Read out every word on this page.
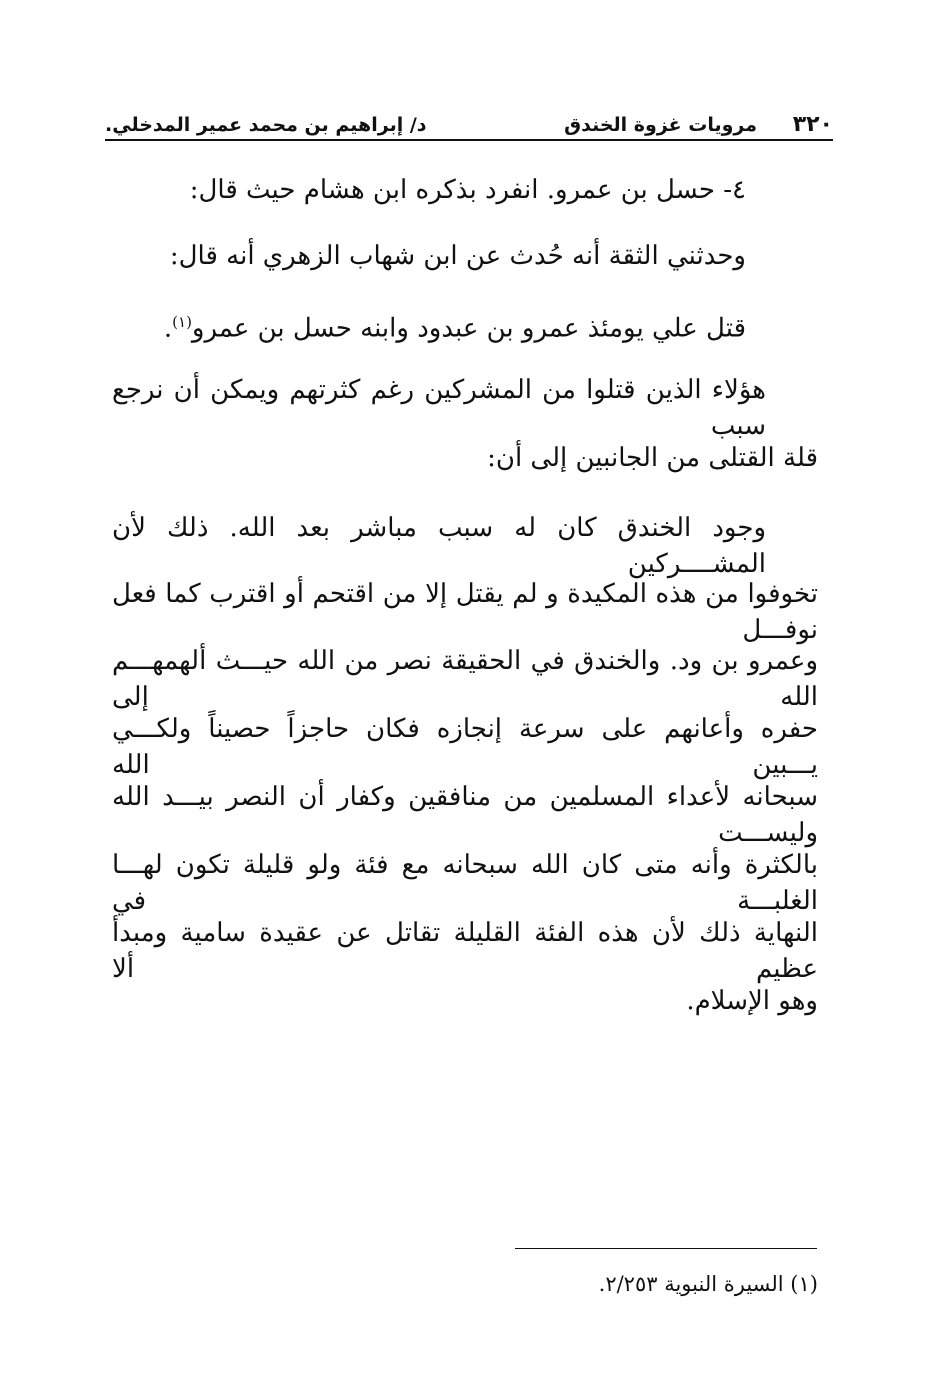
٣٢٠
مرويات غزوة الخندق
د/ إبراهيم بن محمد عمير المدخلي.
٤- حسل بن عمرو. انفرد بذكره ابن هشام حيث قال:
وحدثني الثقة أنه حُدث عن ابن شهاب الزهري أنه قال:
قتل علي يومئذ عمرو بن عبدود وابنه حسل بن عمرو$^{(١)}$.
هؤلاء الذين قتلوا من المشركين رغم كثرتهم ويمكن أن نرجع سبب
قلة القتلى من الجانبين إلى أن:
وجود الخندق كان له سبب مباشر بعد الله. ذلك لأن المشــــركين
تخوفوا من هذه المكيدة و لم يقتل إلا من اقتحم أو اقترب كما فعل نوفـــل
وعمرو بن ود. والخندق في الحقيقة نصر من الله حيـــث ألهمهـــم الله إلى
حفره وأعانهم على سرعة إنجازه فكان حاجزاً حصيناً ولكـــي يـــبين الله
سبحانه لأعداء المسلمين من منافقين وكفار أن النصر بيـــد الله وليســـت
بالكثرة وأنه متى كان الله سبحانه مع فئة ولو قليلة تكون لهـــا الغلبـــة في
النهاية ذلك لأن هذه الفئة القليلة تقاتل عن عقيدة سامية ومبدأ عظيم ألا
وهو الإسلام.
(١) السيرة النبوية ٢/٢٥٣.
